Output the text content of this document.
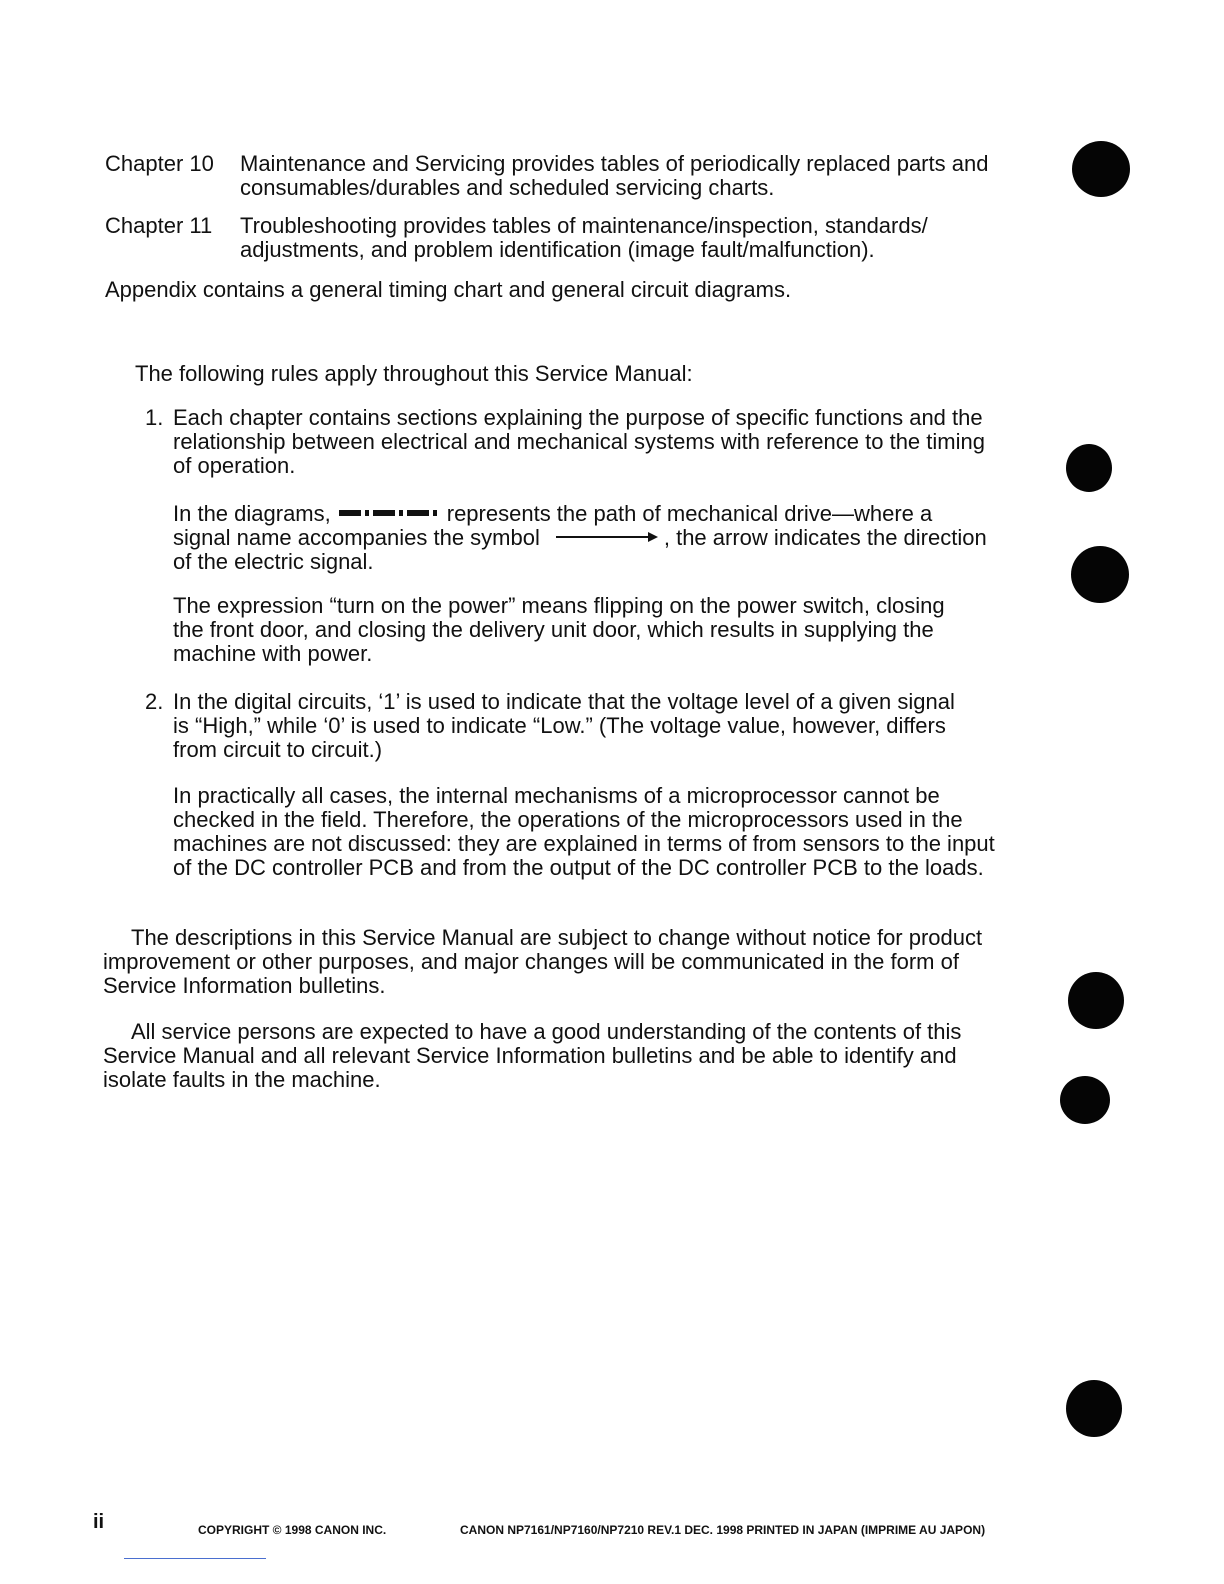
Chapter 10 Maintenance and Servicing provides tables of periodically replaced parts and consumables/durables and scheduled servicing charts.
Chapter 11 Troubleshooting provides tables of maintenance/inspection, standards/ adjustments, and problem identification (image fault/malfunction).
Appendix contains a general timing chart and general circuit diagrams.
The following rules apply throughout this Service Manual:
1. Each chapter contains sections explaining the purpose of specific functions and the relationship between electrical and mechanical systems with reference to the timing of operation.
In the diagrams,	represents the path of mechanical drive—where a signal name accompanies the symbol	, the arrow indicates the direction of the electric signal.
The expression “turn on the power” means flipping on the power switch, closing the front door, and closing the delivery unit door, which results in supplying the machine with power.
2. In the digital circuits, ‘1’ is used to indicate that the voltage level of a given signal is “High,” while ‘0’ is used to indicate “Low.” (The voltage value, however, differs from circuit to circuit.)
In practically all cases, the internal mechanisms of a microprocessor cannot be checked in the field. Therefore, the operations of the microprocessors used in the machines are not discussed: they are explained in terms of from sensors to the input of the DC controller PCB and from the output of the DC controller PCB to the loads.
The descriptions in this Service Manual are subject to change without notice for product improvement or other purposes, and major changes will be communicated in the form of Service Information bulletins.
All service persons are expected to have a good understanding of the contents of this Service Manual and all relevant Service Information bulletins and be able to identify and isolate faults in the machine.
ii	COPYRIGHT © 1998 CANON INC.	CANON NP7161/NP7160/NP7210 REV.1 DEC. 1998 PRINTED IN JAPAN (IMPRIME AU JAPON)
